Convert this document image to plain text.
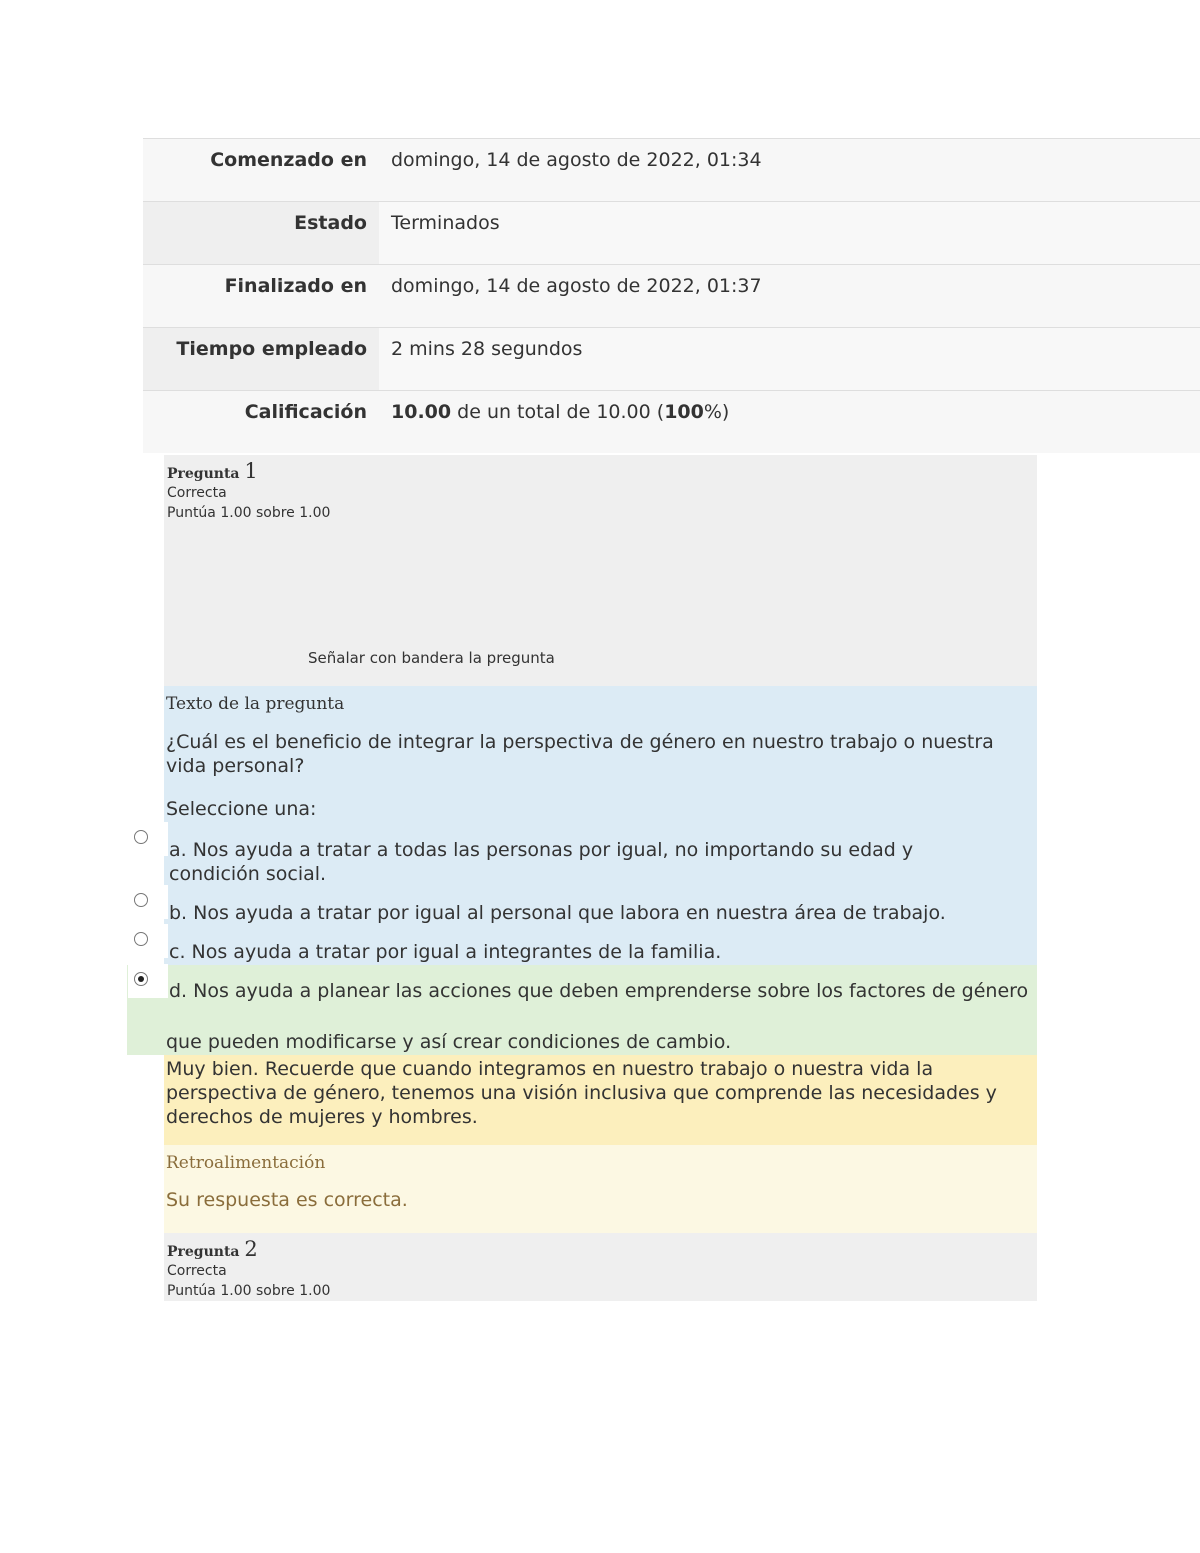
Comenzado en	domingo, 14 de agosto de 2022, 01:34
Estado	Terminados
Finalizado en	domingo, 14 de agosto de 2022, 01:37
Tiempo empleado	2 mins 28 segundos
Calificación	10.00 de un total de 10.00 (100%)
Pregunta 1
Correcta
Puntúa 1.00 sobre 1.00
Señalar con bandera la pregunta
Texto de la pregunta
¿Cuál es el beneficio de integrar la perspectiva de género en nuestro trabajo o nuestra vida personal?
Seleccione una:
a. Nos ayuda a tratar a todas las personas por igual, no importando su edad y condición social.
b. Nos ayuda a tratar por igual al personal que labora en nuestra área de trabajo.
c. Nos ayuda a tratar por igual a integrantes de la familia.
d. Nos ayuda a planear las acciones que deben emprenderse sobre los factores de género
que pueden modificarse y así crear condiciones de cambio.
Muy bien. Recuerde que cuando integramos en nuestro trabajo o nuestra vida la perspectiva de género, tenemos una visión inclusiva que comprende las necesidades y derechos de mujeres y hombres.
Retroalimentación
Su respuesta es correcta.
Pregunta 2
Correcta
Puntúa 1.00 sobre 1.00
